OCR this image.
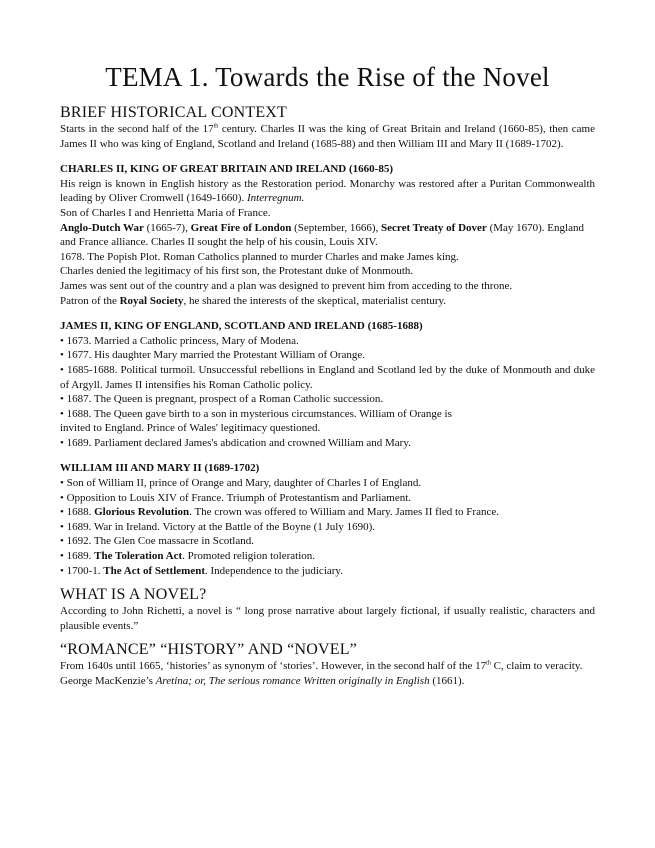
TEMA 1. Towards the Rise of the Novel
BRIEF HISTORICAL CONTEXT

Starts in the second half of the 17th century. Charles II was the king of Great Britain and Ireland (1660-85), then came James II who was king of England, Scotland and Ireland (1685-88) and then William III and Mary II (1689-1702).

CHARLES II, KING OF GREAT BRITAIN AND IRELAND (1660-85)

His reign is known in English history as the Restoration period. Monarchy was restored after a Puritan Commonwealth leading by Oliver Cromwell (1649-1660). Interregnum.

Son of Charles I and Henrietta Maria of France.

Anglo-Dutch War (1665-7), Great Fire of London (September, 1666), Secret Treaty of Dover (May 1670). England and France alliance. Charles II sought the help of his cousin, Louis XIV.

1678. The Popish Plot. Roman Catholics planned to murder Charles and make James king.

Charles denied the legitimacy of his first son, the Protestant duke of Monmouth.

James was sent out of the country and a plan was designed to prevent him from acceding to the throne.

Patron of the Royal Society, he shared the interests of the skeptical, materialist century.

JAMES II, KING OF ENGLAND, SCOTLAND AND IRELAND (1685-1688)

• 1673. Married a Catholic princess, Mary of Modena.

• 1677. His daughter Mary married the Protestant William of Orange.

• 1685-1688. Political turmoil. Unsuccessful rebellions in England and Scotland led by the duke of Monmouth and duke of Argyll. James II intensifies his Roman Catholic policy.

• 1687. The Queen is pregnant, prospect of a Roman Catholic succession.

• 1688. The Queen gave birth to a son in mysterious circumstances. William of Orange is

invited to England. Prince of Wales' legitimacy questioned.

• 1689. Parliament declared James's abdication and crowned William and Mary.

WILLIAM III AND MARY II (1689-1702)

• Son of William II, prince of Orange and Mary, daughter of Charles I of England.

• Opposition to Louis XIV of France. Triumph of Protestantism and Parliament.

• 1688. Glorious Revolution. The crown was offered to William and Mary. James II fled to France.

• 1689. War in Ireland. Victory at the Battle of the Boyne (1 July 1690).

• 1692. The Glen Coe massacre in Scotland.

• 1689. The Toleration Act. Promoted religion toleration.

• 1700-1. The Act of Settlement. Independence to the judiciary.

WHAT IS A NOVEL?

According to John Richetti, a novel is “ long prose narrative about largely fictional, if usually realistic, characters and plausible events.”

“ROMANCE” “HISTORY” AND “NOVEL”

From 1640s until 1665, ‘histories’ as synonym of ‘stories’. However, in the second half of the 17th C, claim to veracity.

George MacKenzie’s Aretina; or, The serious romance Written originally in English (1661).
